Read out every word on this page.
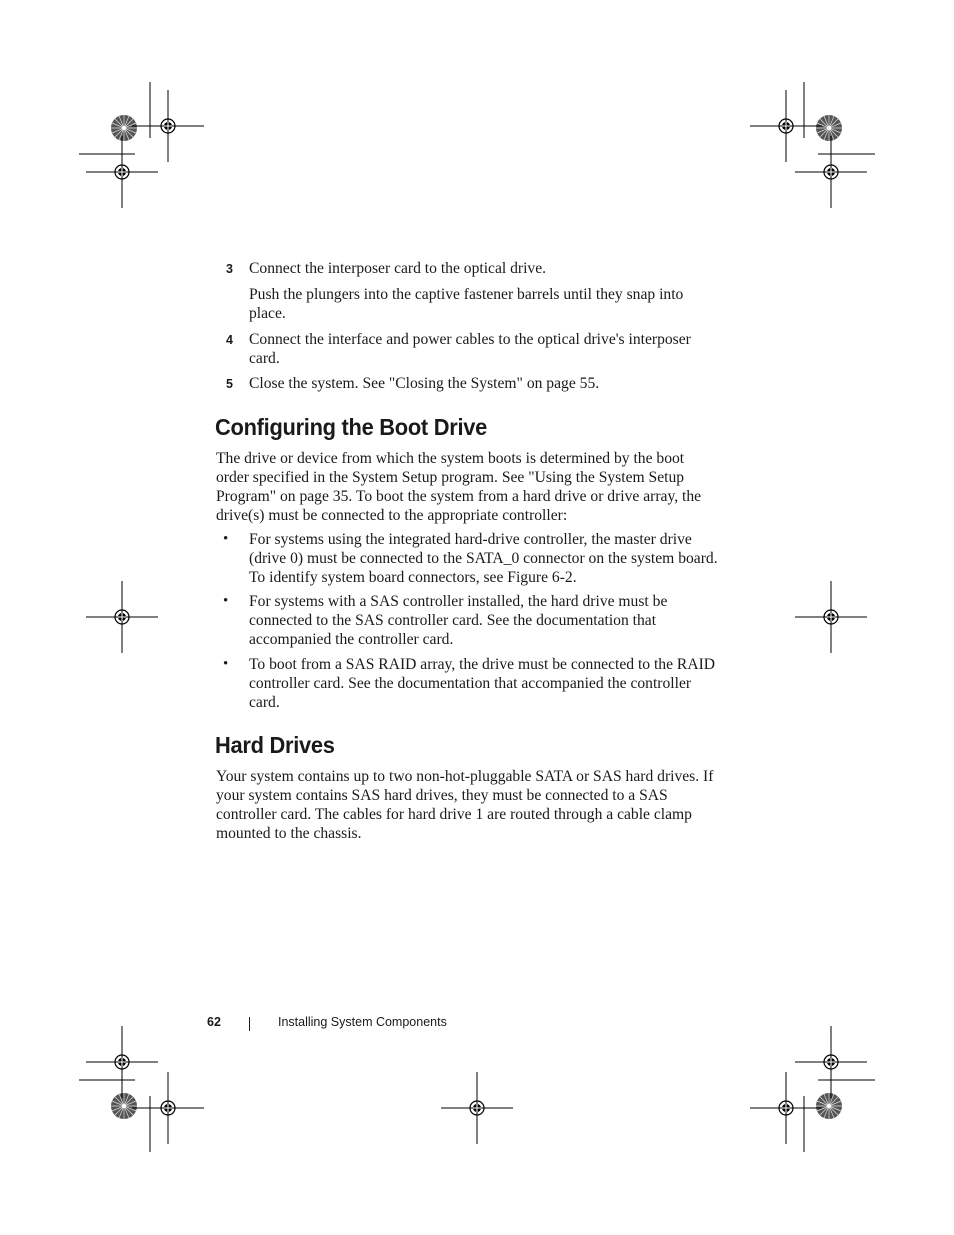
3 Connect the interposer card to the optical drive.
Push the plungers into the captive fastener barrels until they snap into place.
4 Connect the interface and power cables to the optical drive's interposer card.
5 Close the system. See "Closing the System" on page 55.
Configuring the Boot Drive

The drive or device from which the system boots is determined by the boot order specified in the System Setup program. See "Using the System Setup Program" on page 35. To boot the system from a hard drive or drive array, the drive(s) must be connected to the appropriate controller:

• For systems using the integrated hard-drive controller, the master drive (drive 0) must be connected to the SATA_0 connector on the system board. To identify system board connectors, see Figure 6-2.

• For systems with a SAS controller installed, the hard drive must be connected to the SAS controller card. See the documentation that accompanied the controller card.

• To boot from a SAS RAID array, the drive must be connected to the RAID controller card. See the documentation that accompanied the controller card.

Hard Drives

Your system contains up to two non-hot-pluggable SATA or SAS hard drives. If your system contains SAS hard drives, they must be connected to a SAS controller card. The cables for hard drive 1 are routed through a cable clamp mounted to the chassis.

62	Installing System Components
